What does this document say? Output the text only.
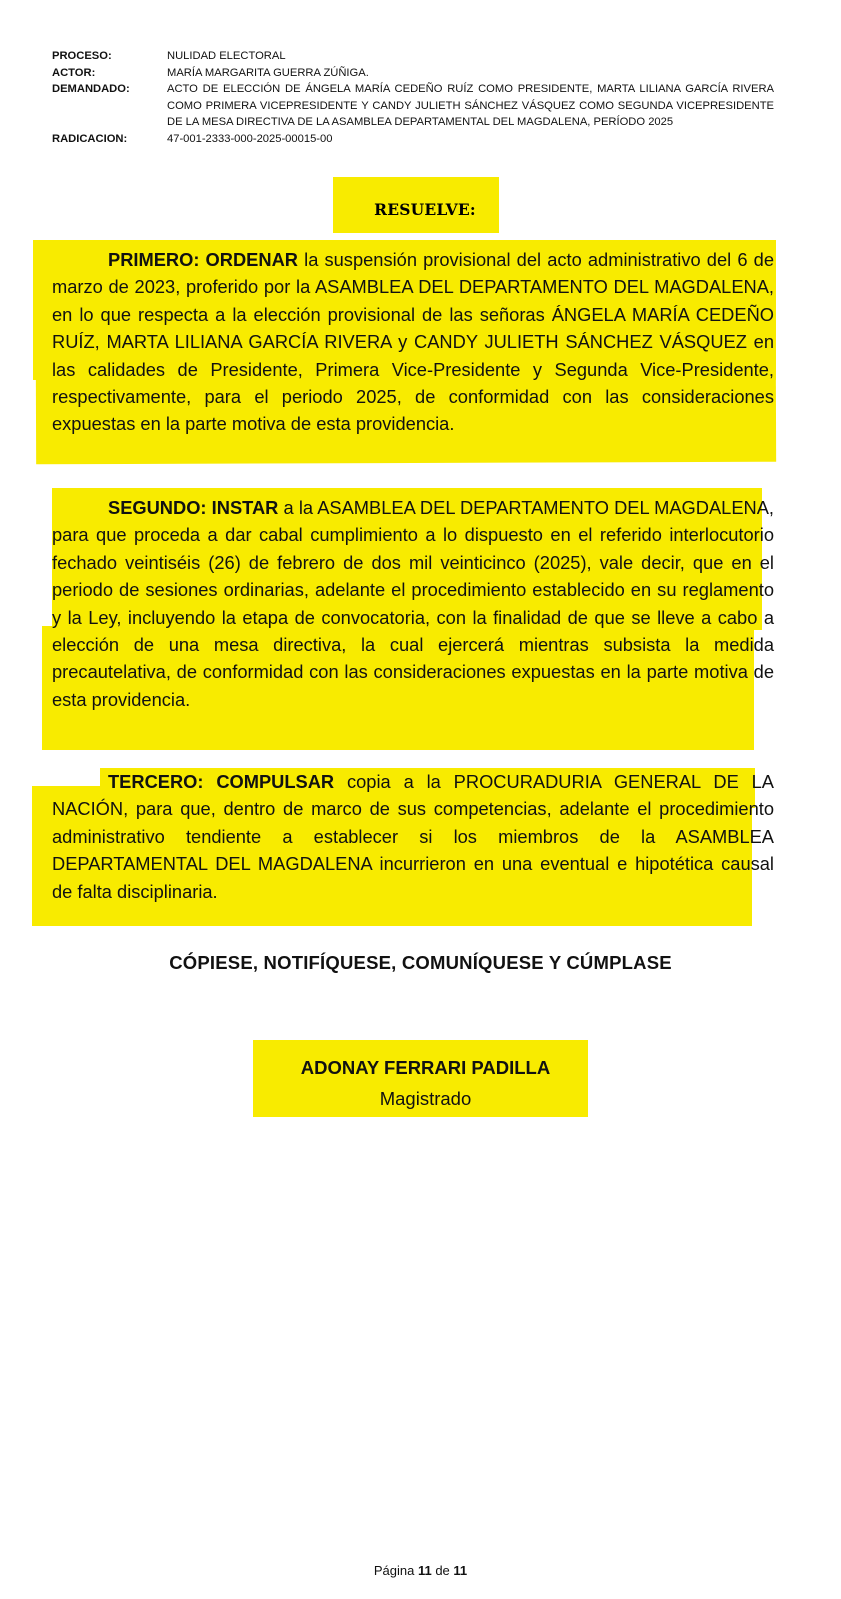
PROCESO:	NULIDAD ELECTORAL
ACTOR:	MARÍA MARGARITA GUERRA ZÚÑIGA.
DEMANDADO:	ACTO DE ELECCIÓN DE ÁNGELA MARÍA CEDEÑO RUÍZ COMO PRESIDENTE, MARTA LILIANA GARCÍA RIVERA COMO PRIMERA VICEPRESIDENTE Y CANDY JULIETH SÁNCHEZ VÁSQUEZ COMO SEGUNDA VICEPRESIDENTE DE LA MESA DIRECTIVA DE LA ASAMBLEA DEPARTAMENTAL DEL MAGDALENA, PERÍODO 2025
RADICACION:	47-001-2333-000-2025-00015-00
RESUELVE:
PRIMERO: ORDENAR la suspensión provisional del acto administrativo del 6 de marzo de 2023, proferido por la ASAMBLEA DEL DEPARTAMENTO DEL MAGDALENA, en lo que respecta a la elección provisional de las señoras ÁNGELA MARÍA CEDEÑO RUÍZ, MARTA LILIANA GARCÍA RIVERA y CANDY JULIETH SÁNCHEZ VÁSQUEZ en las calidades de Presidente, Primera Vice-Presidente y Segunda Vice-Presidente, respectivamente, para el periodo 2025, de conformidad con las consideraciones expuestas en la parte motiva de esta providencia.
SEGUNDO: INSTAR a la ASAMBLEA DEL DEPARTAMENTO DEL MAGDALENA, para que proceda a dar cabal cumplimiento a lo dispuesto en el referido interlocutorio fechado veintiséis (26) de febrero de dos mil veinticinco (2025), vale decir, que en el periodo de sesiones ordinarias, adelante el procedimiento establecido en su reglamento y la Ley, incluyendo la etapa de convocatoria, con la finalidad de que se lleve a cabo a elección de una mesa directiva, la cual ejercerá mientras subsista la medida precautelativa, de conformidad con las consideraciones expuestas en la parte motiva de esta providencia.
TERCERO: COMPULSAR copia a la PROCURADURIA GENERAL DE LA NACIÓN, para que, dentro de marco de sus competencias, adelante el procedimiento administrativo tendiente a establecer si los miembros de la ASAMBLEA DEPARTAMENTAL DEL MAGDALENA incurrieron en una eventual e hipotética causal de falta disciplinaria.
CÓPIESE, NOTIFÍQUESE, COMUNÍQUESE Y CÚMPLASE
ADONAY FERRARI PADILLA
Magistrado
Página 11 de 11
